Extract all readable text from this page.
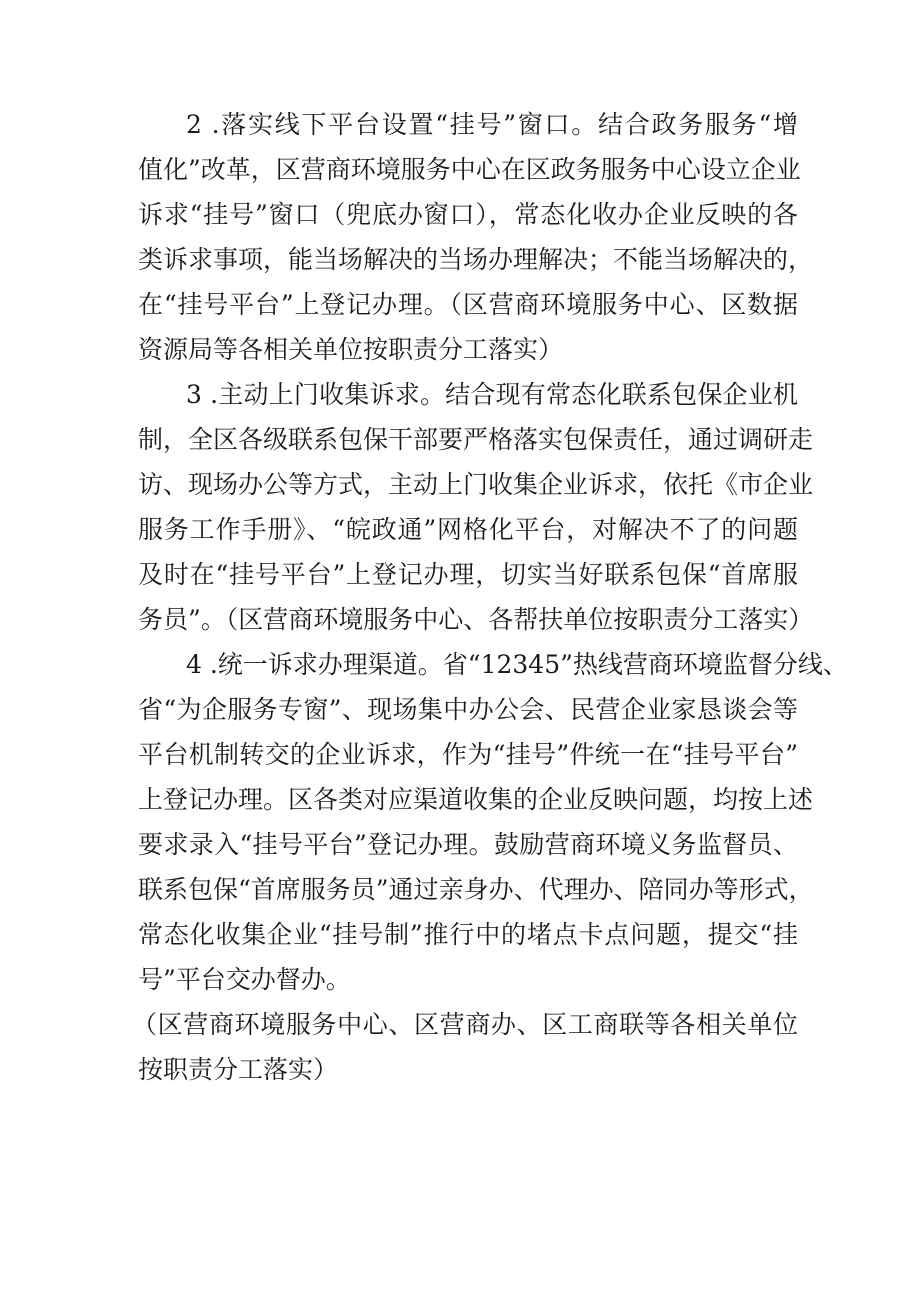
2 .落实线下平台设置“挂号”窗口。结合政务服务“增
值化”改革，区营商环境服务中心在区政务服务中心设立企业
诉求“挂号”窗口（兜底办窗口），常态化收办企业反映的各
类诉求事项，能当场解决的当场办理解决；不能当场解决的，
在“挂号平台”上登记办理。（区营商环境服务中心、区数据
资源局等各相关单位按职责分工落实）
3 .主动上门收集诉求。结合现有常态化联系包保企业机
制，全区各级联系包保干部要严格落实包保责任，通过调研走
访、现场办公等方式，主动上门收集企业诉求，依托《市企业
服务工作手册》、“皖政通”网格化平台，对解决不了的问题
及时在“挂号平台”上登记办理，切实当好联系包保“首席服
务员”。（区营商环境服务中心、各帮扶单位按职责分工落实）
4 .统一诉求办理渠道。省“12345”热线营商环境监督分线、
省“为企服务专窗”、现场集中办公会、民营企业家恳谈会等
平台机制转交的企业诉求，作为“挂号”件统一在“挂号平台”
上登记办理。区各类对应渠道收集的企业反映问题，均按上述
要求录入“挂号平台”登记办理。鼓励营商环境义务监督员、
联系包保“首席服务员”通过亲身办、代理办、陪同办等形式，
常态化收集企业“挂号制”推行中的堵点卡点问题，提交“挂
号”平台交办督办。
（区营商环境服务中心、区营商办、区工商联等各相关单位
按职责分工落实）
